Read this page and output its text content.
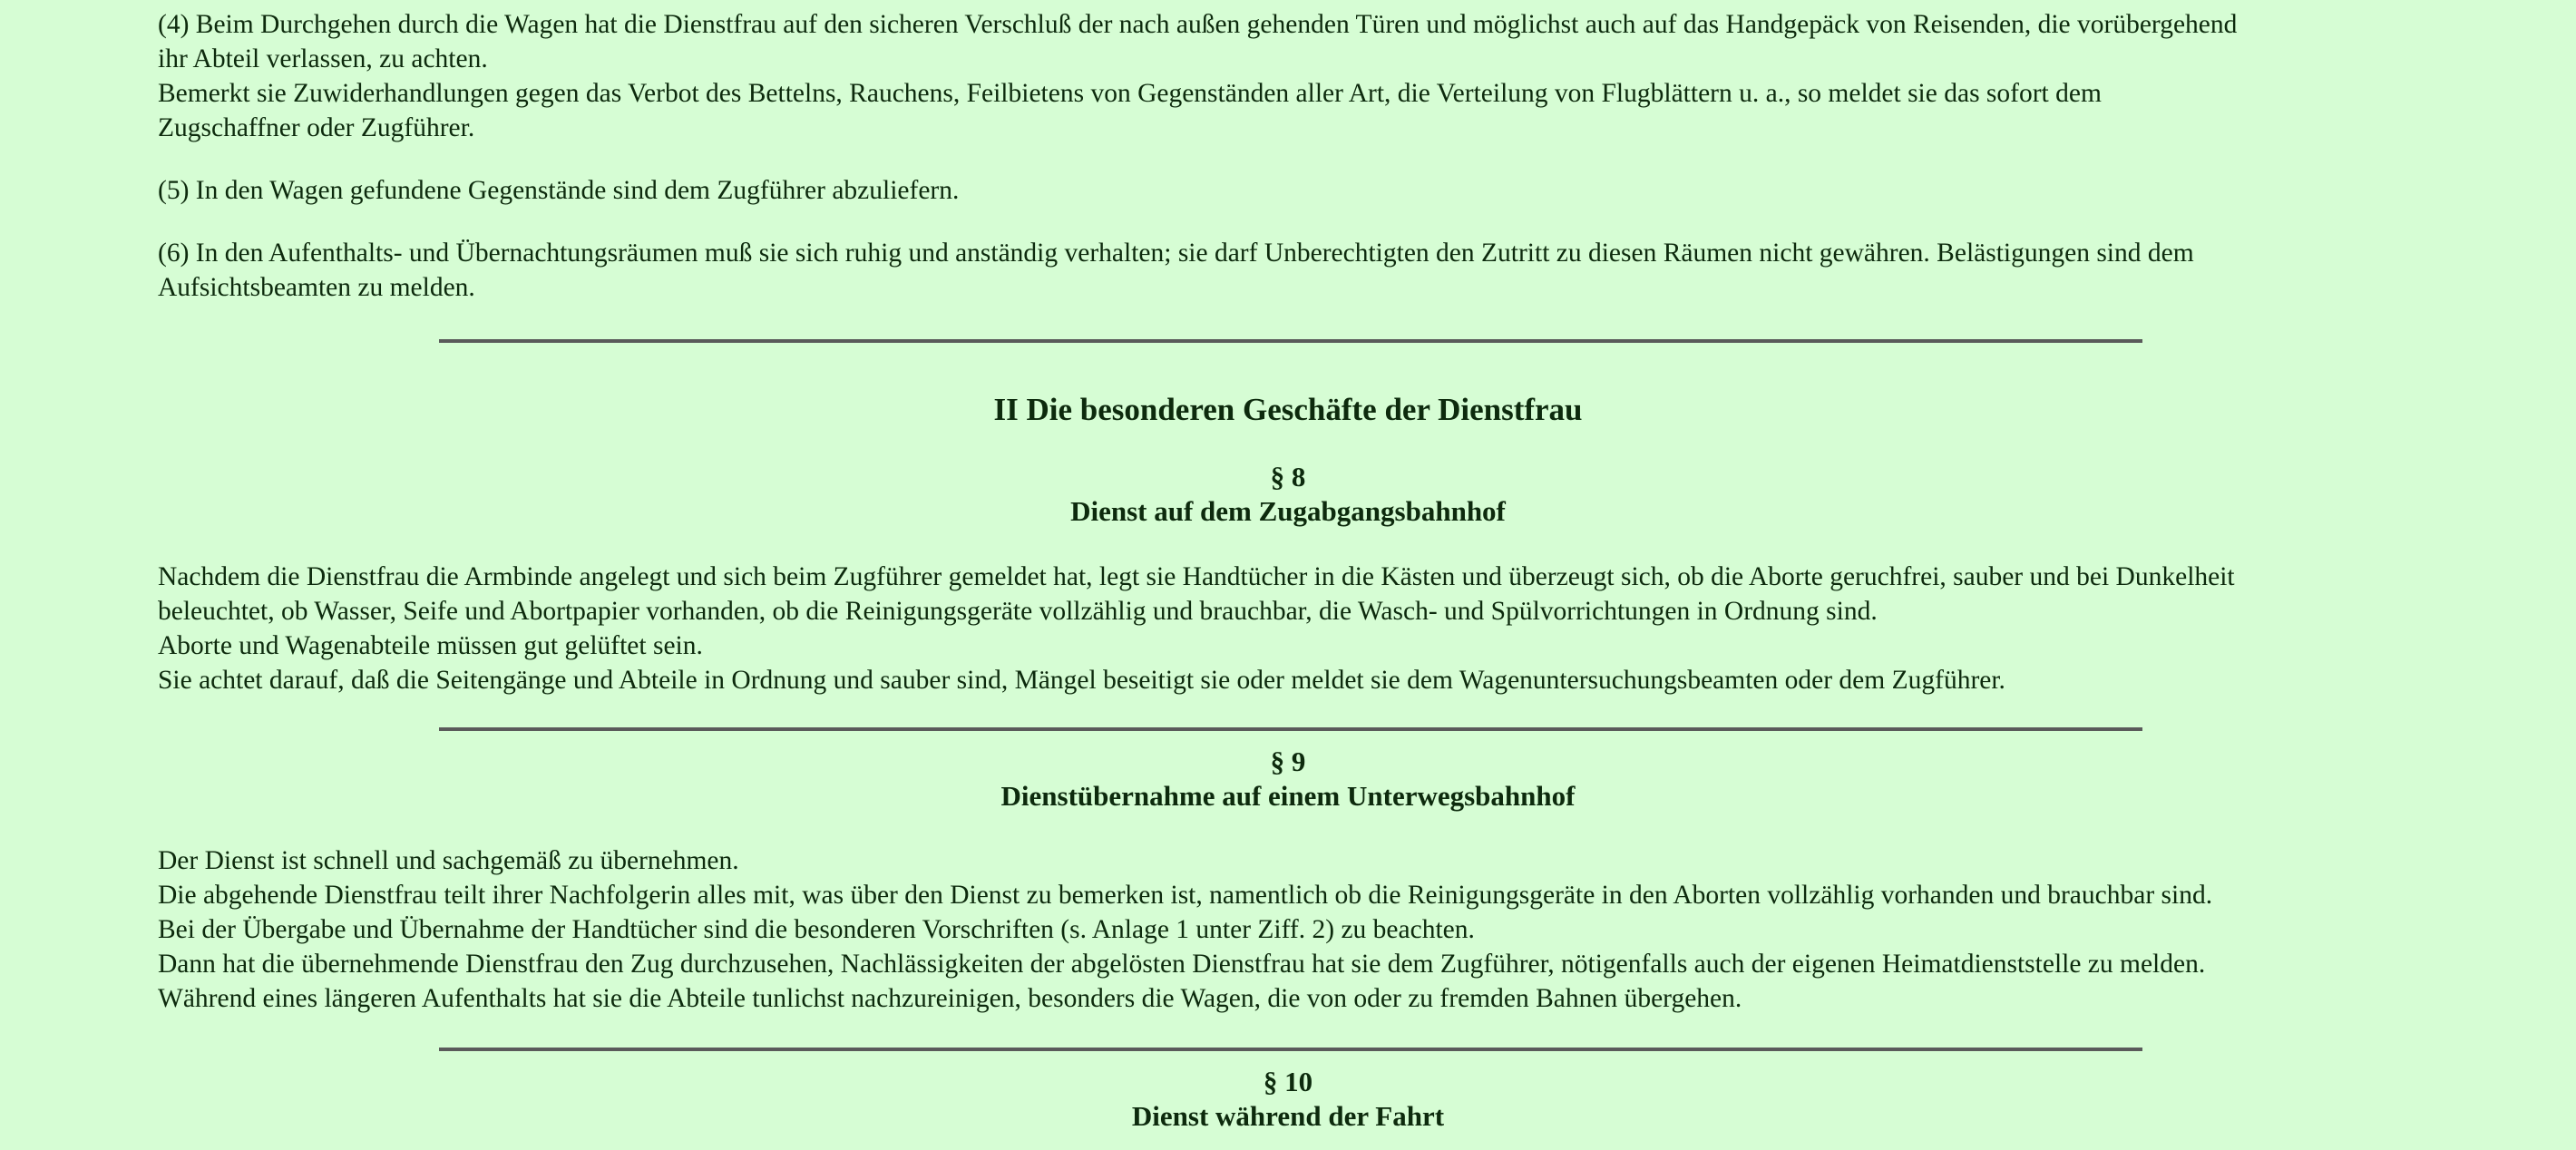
(4) Beim Durchgehen durch die Wagen hat die Dienstfrau auf den sicheren Verschluß der nach außen gehenden Türen und möglichst auch auf das Handgepäck von Reisenden, die vorübergehend
ihr Abteil verlassen, zu achten.
Bemerkt sie Zuwiderhandlungen gegen das Verbot des Bettelns, Rauchens, Feilbietens von Gegenständen aller Art, die Verteilung von Flugblättern u. a., so meldet sie das sofort dem
Zugschaffner oder Zugführer.

(5) In den Wagen gefundene Gegenstände sind dem Zugführer abzuliefern.

(6) In den Aufenthalts- und Übernachtungsräumen muß sie sich ruhig und anständig verhalten; sie darf Unberechtigten den Zutritt zu diesen Räumen nicht gewähren. Belästigungen sind dem
Aufsichtsbeamten zu melden.

II Die besonderen Geschäfte der Dienstfrau
§ 8
Dienst auf dem Zugabgangsbahnhof

Nachdem die Dienstfrau die Armbinde angelegt und sich beim Zugführer gemeldet hat, legt sie Handtücher in die Kästen und überzeugt sich, ob die Aborte geruchfrei, sauber und bei Dunkelheit
beleuchtet, ob Wasser, Seife und Abortpapier vorhanden, ob die Reinigungsgeräte vollzählig und brauchbar, die Wasch- und Spülvorrichtungen in Ordnung sind.
Aborte und Wagenabteile müssen gut gelüftet sein.
Sie achtet darauf, daß die Seitengänge und Abteile in Ordnung und sauber sind, Mängel beseitigt sie oder meldet sie dem Wagenuntersuchungsbeamten oder dem Zugführer.

§ 9
Dienstübernahme auf einem Unterwegsbahnhof

Der Dienst ist schnell und sachgemäß zu übernehmen.
Die abgehende Dienstfrau teilt ihrer Nachfolgerin alles mit, was über den Dienst zu bemerken ist, namentlich ob die Reinigungsgeräte in den Aborten vollzählig vorhanden und brauchbar sind.
Bei der Übergabe und Übernahme der Handtücher sind die besonderen Vorschriften (s. Anlage 1 unter Ziff. 2) zu beachten.
Dann hat die übernehmende Dienstfrau den Zug durchzusehen, Nachlässigkeiten der abgelösten Dienstfrau hat sie dem Zugführer, nötigenfalls auch der eigenen Heimatdienststelle zu melden.
Während eines längeren Aufenthalts hat sie die Abteile tunlichst nachzureinigen, besonders die Wagen, die von oder zu fremden Bahnen übergehen.

§ 10
Dienst während der Fahrt
